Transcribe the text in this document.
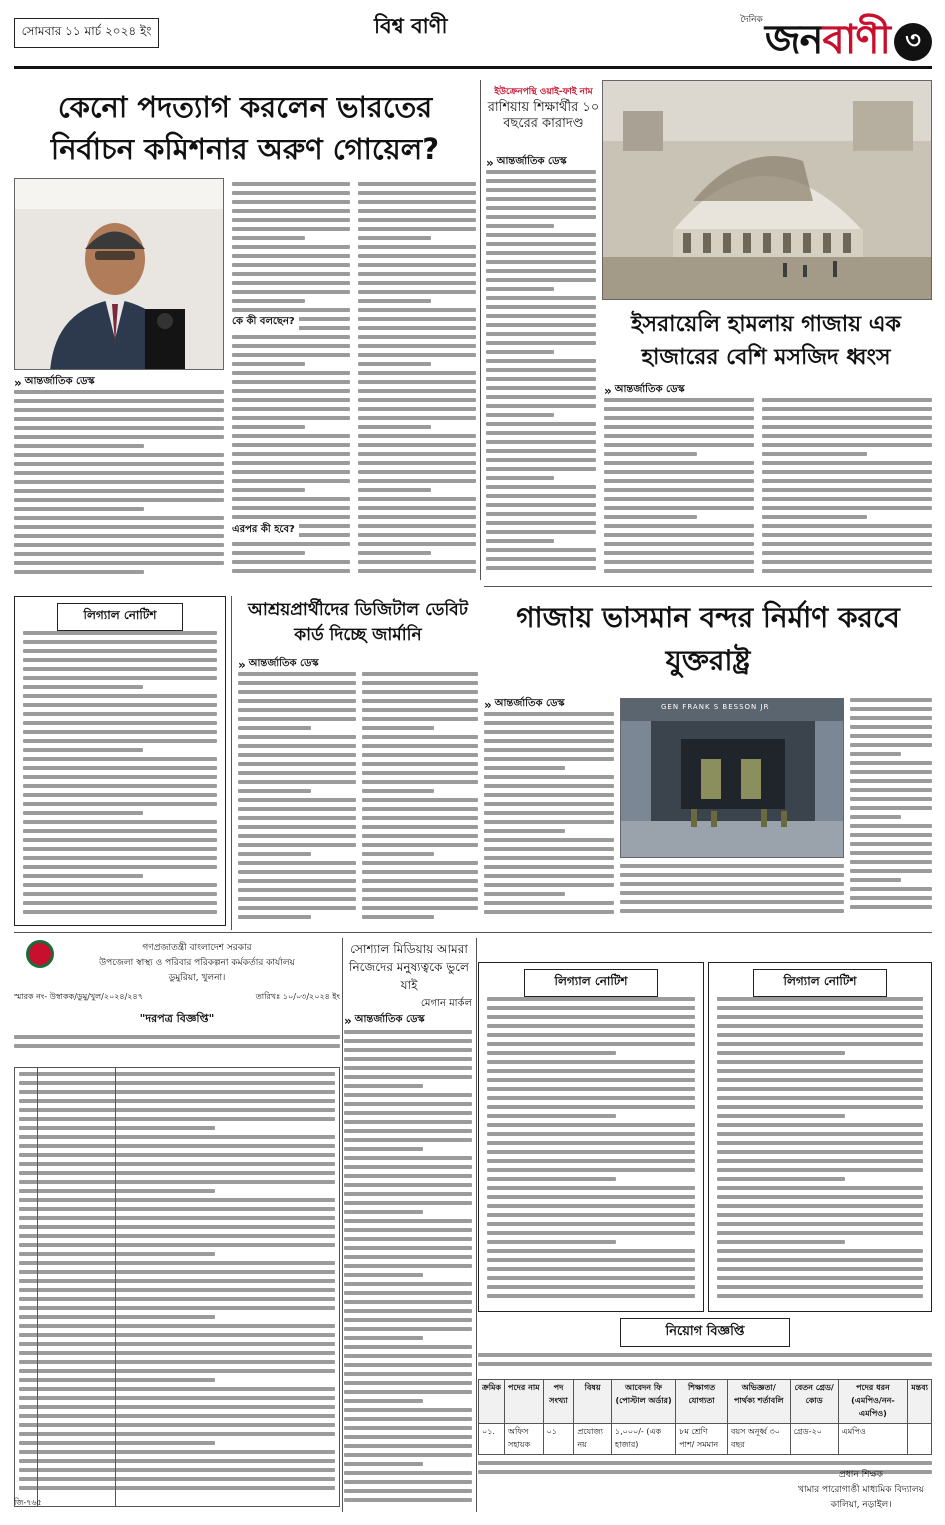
সোমবার ১১ মার্চ ২০২৪ ইং	বিশ্ব বাণী	দৈনিক জনবাণী ৩
কেনো পদত্যাগ করলেন ভারতের নির্বাচন কমিশনার অরুণ গোয়েল?
» আন্তর্জাতিক ডেস্ক
কে কী বলছেন?
এরপর কী হবে?
ইউক্রেনপন্থি ওয়াই-ফাই নাম
রাশিয়ায় শিক্ষার্থীর ১০ বছরের কারাদণ্ড
» আন্তর্জাতিক ডেস্ক
ইসরায়েলি হামলায় গাজায় এক হাজারের বেশি মসজিদ ধ্বংস
» আন্তর্জাতিক ডেস্ক
লিগ্যাল নোটিশ	আশ্রয়প্রার্থীদের ডিজিটাল ডেবিট কার্ড দিচ্ছে জার্মানি
» আন্তর্জাতিক ডেস্ক
গাজায় ভাসমান বন্দর নির্মাণ করবে যুক্তরাষ্ট্র
» আন্তর্জাতিক ডেস্ক	GEN FRANK S BESSON JR
গণপ্রজাতন্ত্রী বাংলাদেশ সরকার
উপজেলা স্বাস্থ্য ও পরিবার পরিকল্পনা কর্মকর্তার কার্যালয়
ডুমুরিয়া, খুলনা।
স্মারক নং- উস্বাকক/ডুমু/খুল/২০২৪/২৪৭	তারিখঃ ১০/০৩/২০২৪ ইং
"দরপত্র বিজ্ঞপ্তি"
জি-৭৬৫
সোশ্যাল মিডিয়ায় আমরা নিজেদের মনুষ্যত্বকে ভুলে যাই
মেগান মার্কল
» আন্তর্জাতিক ডেস্ক
লিগ্যাল নোটিশ	লিগ্যাল নোটিশ
নিয়োগ বিজ্ঞপ্তি
ক্রমিক	পদের নাম	পদ সংখ্যা	বিষয়	আবেদন ফি (পোস্টাল অর্ডার)	শিক্ষাগত যোগ্যতা	অভিজ্ঞতা/ পার্থক্য শর্তাবলি	বেতন গ্রেড/ কোড	পদের ধরন (এমপিও/নন-এমপিও)	মন্তব্য
০১.	অফিস সহায়ক	০১	প্রযোজ্য নয়	১,০০০/- (এক হাজার)	৮ম শ্রেণি পাশ/ সমমান	বয়স অনূর্ধ্ব ৩০ বছর	গ্রেড-২০	এমপিও	
প্রধান শিক্ষক
খামার পারোগাঙী মাধ্যমিক বিদ্যালয়
কালিয়া, নড়াইল।
